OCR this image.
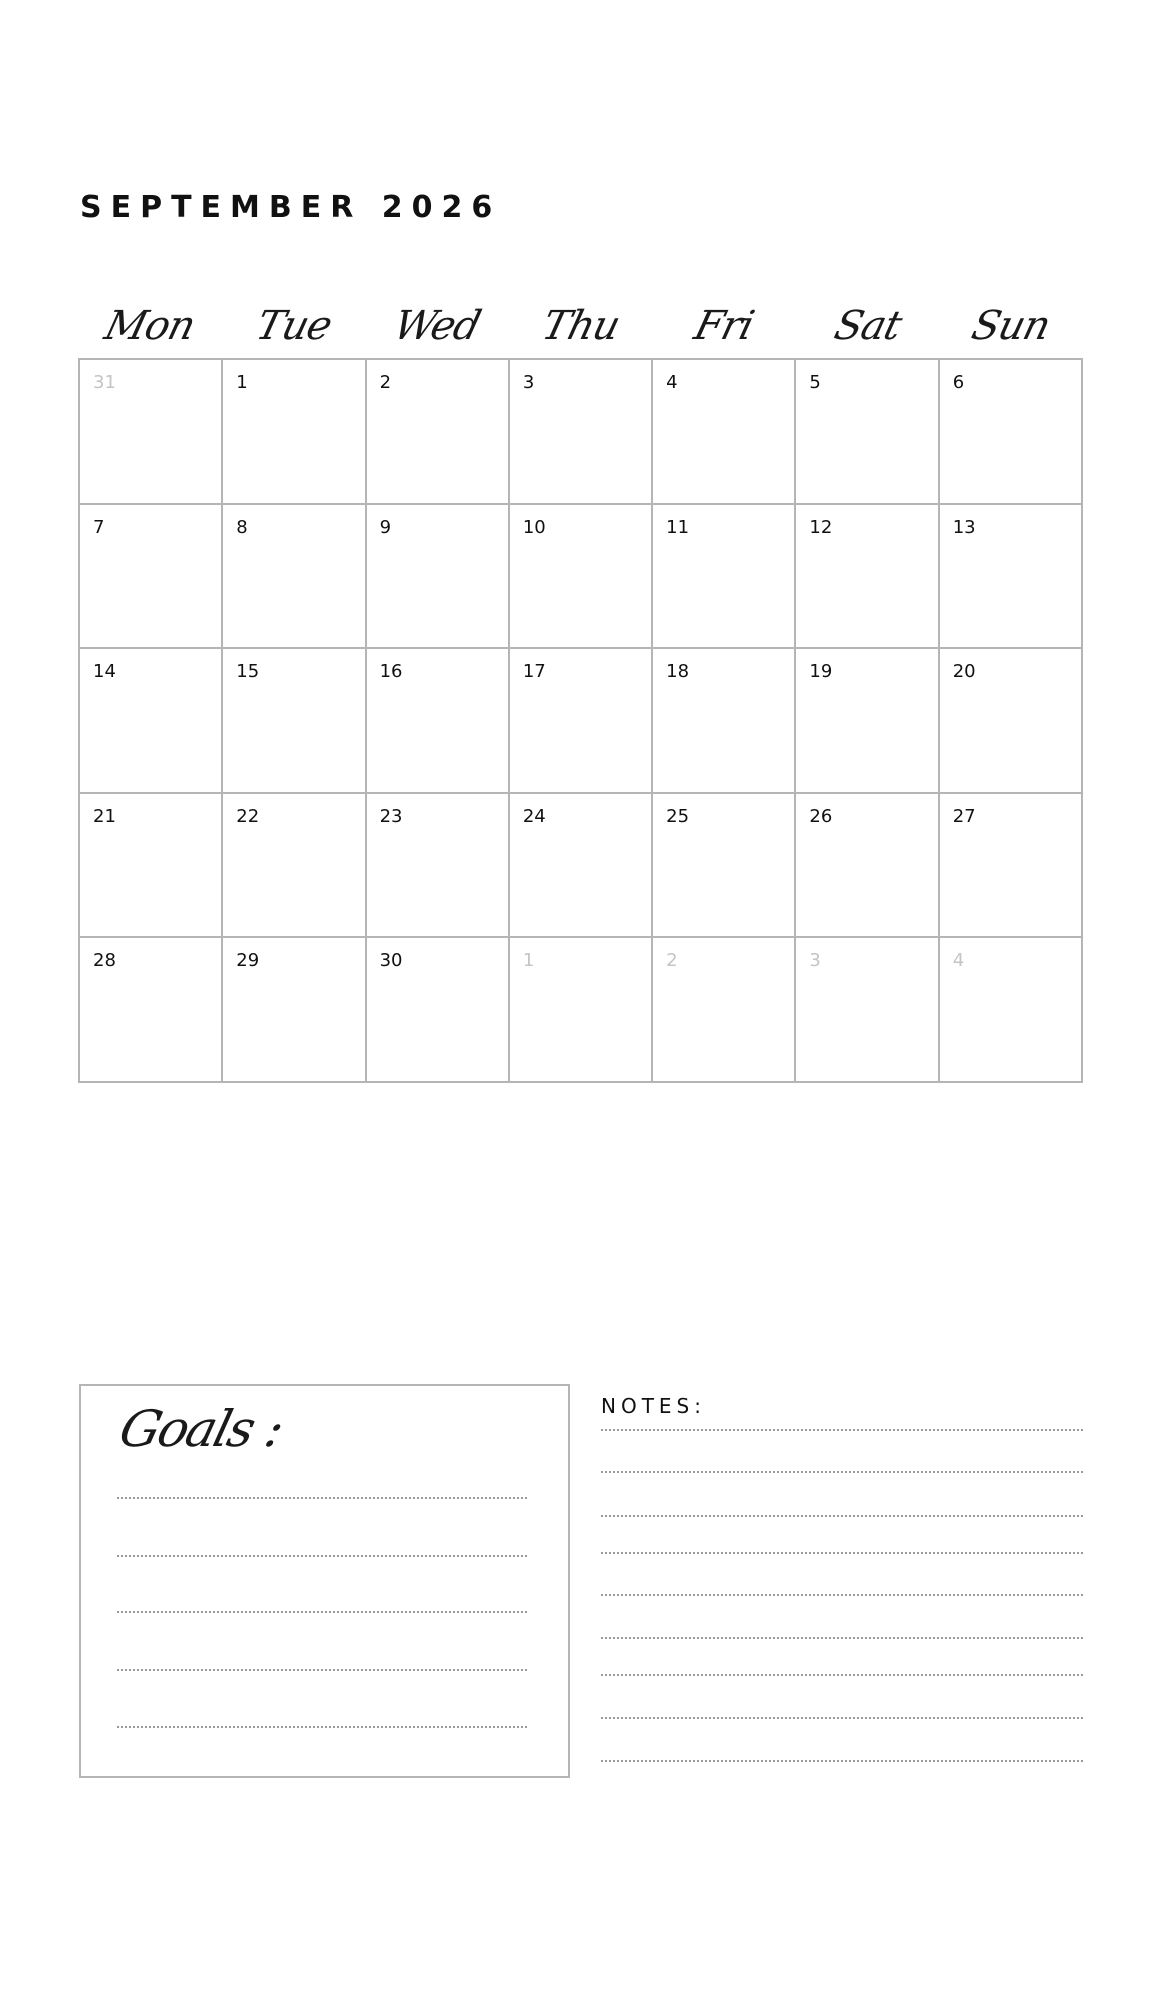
SEPTEMBER 2026
Mon	Tue	Wed	Thu	Fri	Sat	Sun
31	1	2	3	4	5	6
7	8	9	10	11	12	13
14	15	16	17	18	19	20
21	22	23	24	25	26	27
28	29	30	1	2	3	4
Goals :	NOTES:
